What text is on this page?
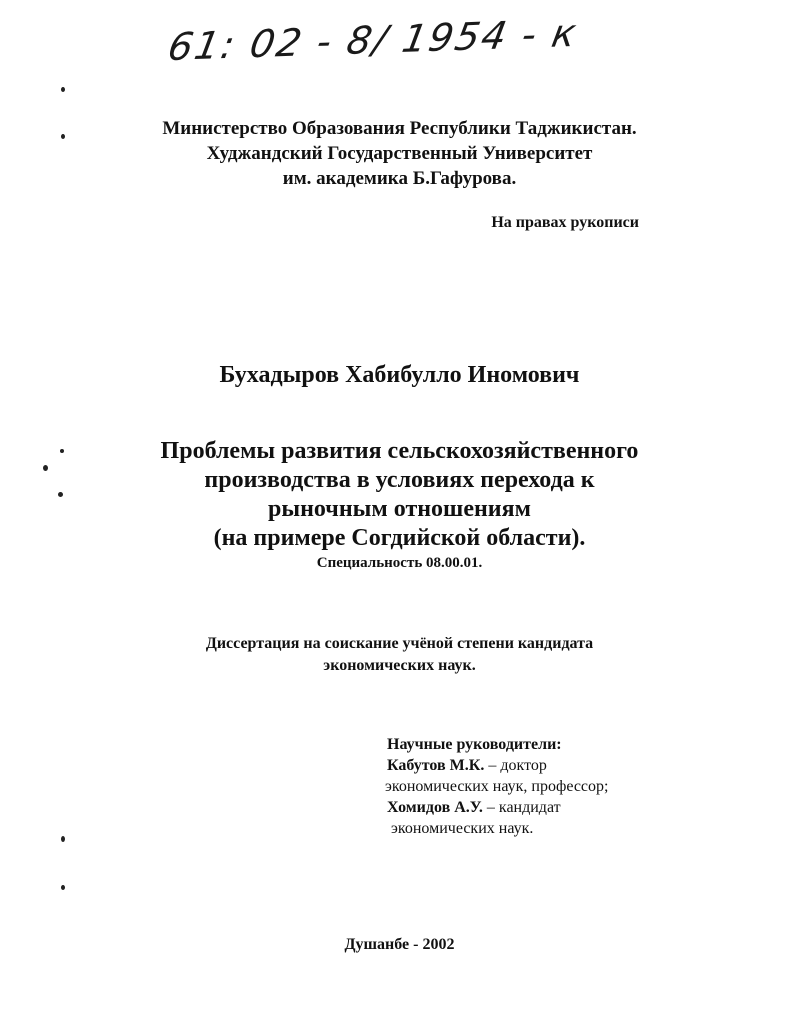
61: 02 - 8/ 1954 - к
Министерство Образования Республики Таджикистан.
Худжандский Государственный Университет
им. академика Б.Гафурова.
На правах рукописи
Бухадыров Хабибулло Иномович
Проблемы развития сельскохозяйственного
производства в условиях перехода к
рыночным отношениям
(на примере Согдийской области).
Специальность 08.00.01.
Диссертация на соискание учёной степени кандидата
экономических наук.
Научные руководители:
Кабутов М.К. – доктор
экономических наук, профессор;
Хомидов А.У. – кандидат
экономических наук.
Душанбе - 2002
